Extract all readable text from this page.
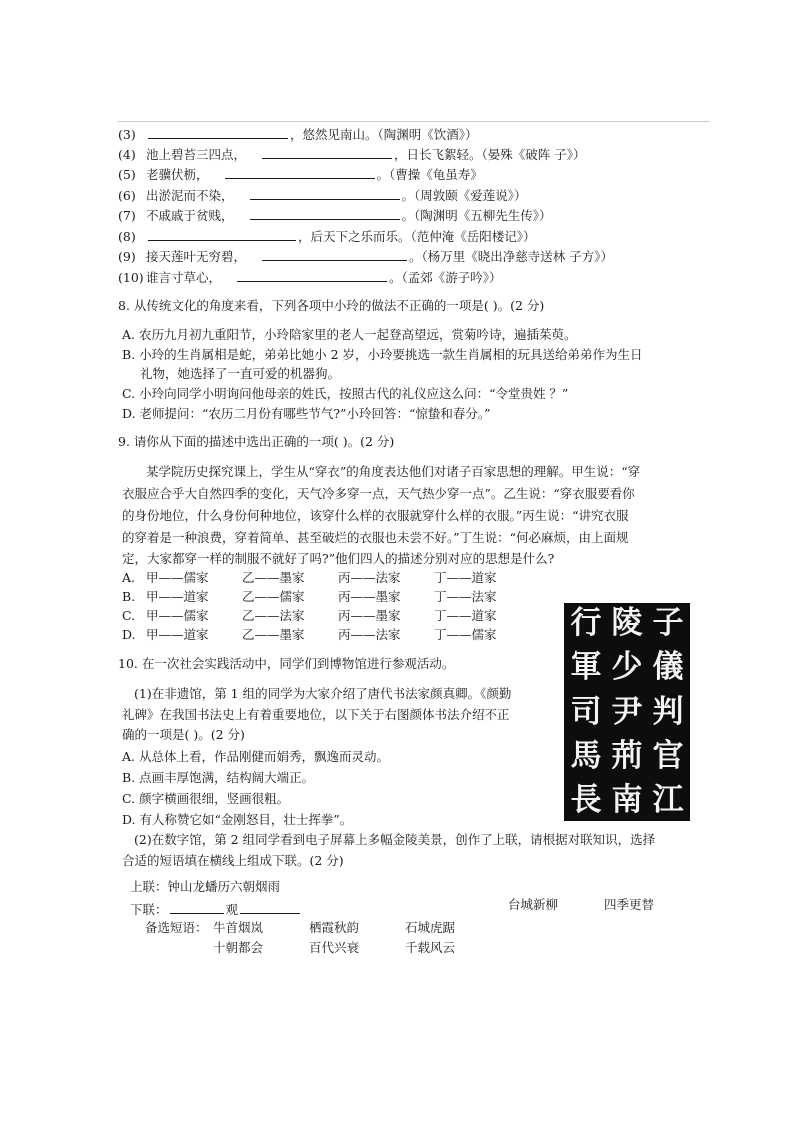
(3)	，悠然见南山。（陶渊明《饮酒》）
(4) 池上碧苔三四点，	，日长飞絮轻。（晏殊《破阵 子》）
(5) 老骥伏枥，	。（曹操《龟虽寿》
(6) 出淤泥而不染，	。（周敦颐《爱莲说》）
(7) 不戚戚于贫贱，	。（陶渊明《五柳先生传》）
(8)	，后天下之乐而乐。（范仲淹《岳阳楼记》）
(9) 接天莲叶无穷碧，	。（杨万里《晓出净慈寺送林 子方》）
(10) 谁言寸草心，	。（孟郊《游子吟》）
8. 从传统文化的角度来看，下列各项中小玲的做法不正确的一项是( )。(2 分)
A. 农历九月初九重阳节，小玲陪家里的老人一起登高望远，赏菊吟诗，遍插茱萸。
B. 小玲的生肖属相是蛇，弟弟比她小 2 岁，小玲要挑选一款生肖属相的玩具送给弟弟作为生日
礼物，她选择了一直可爱的机器狗。
C. 小玲向同学小明询问他母亲的姓氏，按照古代的礼仪应这么问：“令堂贵姓 ？”
D. 老师提问：“农历二月份有哪些节气?”小玲回答：“惊蛰和春分。”
9. 请你从下面的描述中选出正确的一项( )。(2 分)
某学院历史探究课上，学生从“穿衣”的角度表达他们对诸子百家思想的理解。甲生说：“穿
衣服应合乎大自然四季的变化，天气冷多穿一点，天气热少穿一点”。乙生说：“穿衣服要看你
的身份地位，什么身份何种地位，该穿什么样的衣服就穿什么样的衣服。”丙生说：“讲究衣服
的穿着是一种浪费，穿着简单、甚至破烂的衣服也未尝不好。”丁生说：“何必麻烦，由上面规
定，大家都穿一样的制服不就好了吗?”他们四人的描述分别对应的思想是什么?
A. 甲——儒家	乙——墨家	丙——法家	丁——道家
B. 甲——道家	乙——儒家	丙——墨家	丁——法家
C. 甲——儒家	乙——法家	丙——墨家	丁——道家
D. 甲——道家	乙——墨家	丙——法家	丁——儒家
10. 在一次社会实践活动中，同学们到博物馆进行参观活动。
(1)在非遗馆，第 1 组的同学为大家介绍了唐代书法家颜真卿。《颜勤
礼碑》在我国书法史上有着重要地位，以下关于右图颜体书法介绍不正
确的一项是( )。(2 分)
A. 从总体上看，作品刚健而娟秀，飘逸而灵动。
B. 点画丰厚饱满，结构阔大端正。
C. 颜字横画很细，竖画很粗。
D. 有人称赞它如“金刚怒目，壮士挥拳”。
(2)在数字馆，第 2 组同学看到电子屏幕上多幅金陵美景，创作了上联，请根据对联知识，选择
合适的短语填在横线上组成下联。(2 分)
上联：钟山龙蟠历六朝烟雨
下联：	观	台城新柳	四季更替
备选短语： 牛首烟岚	栖霞秋韵	石城虎踞
十朝都会	百代兴衰	千载风云
子
儀
判
官
江
陵
少
尹
荊
南
行
軍
司
馬
長
